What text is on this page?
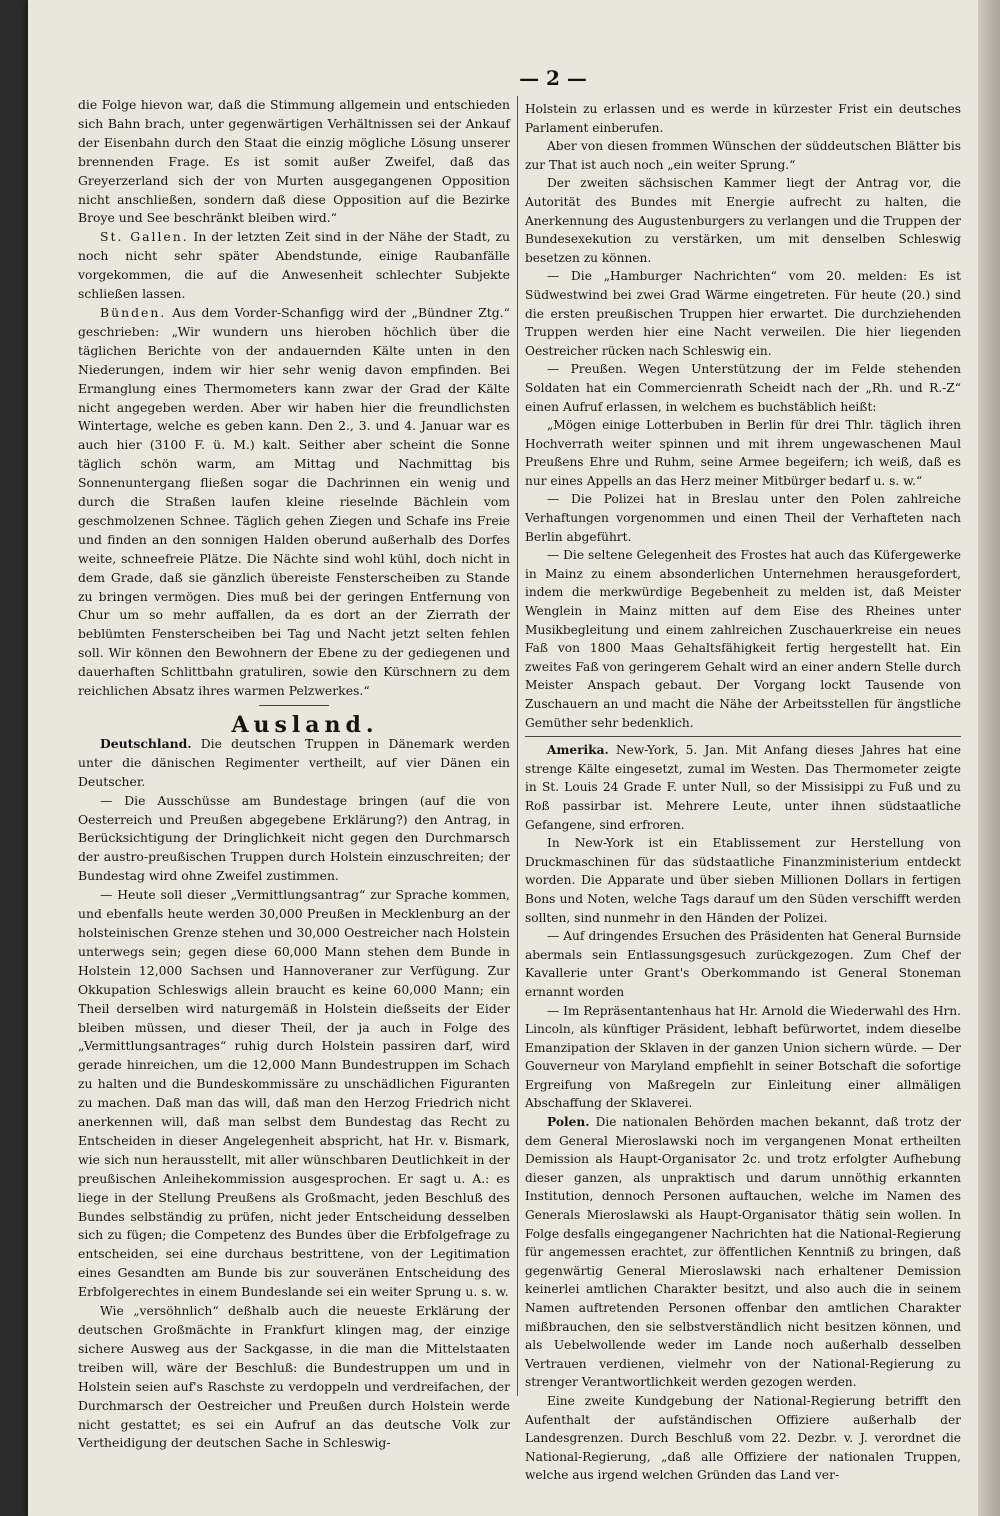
— 2 —

die Folge hievon war, daß die Stimmung allgemein und entschieden sich Bahn brach, unter gegenwärtigen Verhältnissen sei der Ankauf der Eisenbahn durch den Staat die einzig mögliche Lösung unserer brennenden Frage. Es ist somit außer Zweifel, daß das Greyerzerland sich der von Murten ausgegangenen Opposition nicht anschließen, sondern daß diese Opposition auf die Bezirke Broye und See beschränkt bleiben wird.“

St. Gallen. In der letzten Zeit sind in der Nähe der Stadt, zu noch nicht sehr später Abendstunde, einige Raubanfälle vorgekommen, die auf die Anwesenheit schlechter Subjekte schließen lassen.

Bünden. Aus dem Vorder-Schanfigg wird der „Bündner Ztg.“ geschrieben: „Wir wundern uns hieroben höchlich über die täglichen Berichte von der andauernden Kälte unten in den Niederungen, indem wir hier sehr wenig davon empfinden. Bei Ermanglung eines Thermometers kann zwar der Grad der Kälte nicht angegeben werden. Aber wir haben hier die freundlichsten Wintertage, welche es geben kann. Den 2., 3. und 4. Januar war es auch hier (3100 F. ü. M.) kalt. Seither aber scheint die Sonne täglich schön warm, am Mittag und Nachmittag bis Sonnenuntergang fließen sogar die Dachrinnen ein wenig und durch die Straßen laufen kleine rieselnde Bächlein vom geschmolzenen Schnee. Täglich gehen Ziegen und Schafe ins Freie und finden an den sonnigen Halden oberund außerhalb des Dorfes weite, schneefreie Plätze. Die Nächte sind wohl kühl, doch nicht in dem Grade, daß sie gänzlich übereiste Fensterscheiben zu Stande zu bringen vermögen. Dies muß bei der geringen Entfernung von Chur um so mehr auffallen, da es dort an der Zierrath der beblümten Fensterscheiben bei Tag und Nacht jetzt selten fehlen soll. Wir können den Bewohnern der Ebene zu der gediegenen und dauerhaften Schlittbahn gratuliren, sowie den Kürschnern zu dem reichlichen Absatz ihres warmen Pelzwerkes.“

Ausland.

Deutschland. Die deutschen Truppen in Dänemark werden unter die dänischen Regimenter vertheilt, auf vier Dänen ein Deutscher.

— Die Ausschüsse am Bundestage bringen (auf die von Oesterreich und Preußen abgegebene Erklärung?) den Antrag, in Berücksichtigung der Dringlichkeit nicht gegen den Durchmarsch der austro-preußischen Truppen durch Holstein einzuschreiten; der Bundestag wird ohne Zweifel zustimmen.

— Heute soll dieser „Vermittlungsantrag“ zur Sprache kommen, und ebenfalls heute werden 30,000 Preußen in Mecklenburg an der holsteinischen Grenze stehen und 30,000 Oestreicher nach Holstein unterwegs sein; gegen diese 60,000 Mann stehen dem Bunde in Holstein 12,000 Sachsen und Hannoveraner zur Verfügung. Zur Okkupation Schleswigs allein braucht es keine 60,000 Mann; ein Theil derselben wird naturgemäß in Holstein dießseits der Eider bleiben müssen, und dieser Theil, der ja auch in Folge des „Vermittlungsantrages“ ruhig durch Holstein passiren darf, wird gerade hinreichen, um die 12,000 Mann Bundestruppen im Schach zu halten und die Bundeskommissäre zu unschädlichen Figuranten zu machen. Daß man das will, daß man den Herzog Friedrich nicht anerkennen will, daß man selbst dem Bundestag das Recht zu Entscheiden in dieser Angelegenheit abspricht, hat Hr. v. Bismark, wie sich nun herausstellt, mit aller wünschbaren Deutlichkeit in der preußischen Anleihekommission ausgesprochen. Er sagt u. A.: es liege in der Stellung Preußens als Großmacht, jeden Beschluß des Bundes selbständig zu prüfen, nicht jeder Entscheidung desselben sich zu fügen; die Competenz des Bundes über die Erbfolgefrage zu entscheiden, sei eine durchaus bestrittene, von der Legitimation eines Gesandten am Bunde bis zur souveränen Entscheidung des Erbfolgerechtes in einem Bundeslande sei ein weiter Sprung u. s. w.

Wie „versöhnlich“ deßhalb auch die neueste Erklärung der deutschen Großmächte in Frankfurt klingen mag, der einzige sichere Ausweg aus der Sackgasse, in die man die Mittelstaaten treiben will, wäre der Beschluß: die Bundestruppen um und in Holstein seien auf's Raschste zu verdoppeln und verdreifachen, der Durchmarsch der Oestreicher und Preußen durch Holstein werde nicht gestattet; es sei ein Aufruf an das deutsche Volk zur Vertheidigung der deutschen Sache in Schleswig-

Holstein zu erlassen und es werde in kürzester Frist ein deutsches Parlament einberufen.

Aber von diesen frommen Wünschen der süddeutschen Blätter bis zur That ist auch noch „ein weiter Sprung.“

Der zweiten sächsischen Kammer liegt der Antrag vor, die Autorität des Bundes mit Energie aufrecht zu halten, die Anerkennung des Augustenburgers zu verlangen und die Truppen der Bundesexekution zu verstärken, um mit denselben Schleswig besetzen zu können.

— Die „Hamburger Nachrichten“ vom 20. melden: Es ist Südwestwind bei zwei Grad Wärme eingetreten. Für heute (20.) sind die ersten preußischen Truppen hier erwartet. Die durchziehenden Truppen werden hier eine Nacht verweilen. Die hier liegenden Oestreicher rücken nach Schleswig ein.

— Preußen. Wegen Unterstützung der im Felde stehenden Soldaten hat ein Commercienrath Scheidt nach der „Rh. und R.-Z“ einen Aufruf erlassen, in welchem es buchstäblich heißt:

„Mögen einige Lotterbuben in Berlin für drei Thlr. täglich ihren Hochverrath weiter spinnen und mit ihrem ungewaschenen Maul Preußens Ehre und Ruhm, seine Armee begeifern; ich weiß, daß es nur eines Appells an das Herz meiner Mitbürger bedarf u. s. w.“

— Die Polizei hat in Breslau unter den Polen zahlreiche Verhaftungen vorgenommen und einen Theil der Verhafteten nach Berlin abgeführt.

— Die seltene Gelegenheit des Frostes hat auch das Küfergewerke in Mainz zu einem absonderlichen Unternehmen herausgefordert, indem die merkwürdige Begebenheit zu melden ist, daß Meister Wenglein in Mainz mitten auf dem Eise des Rheines unter Musikbegleitung und einem zahlreichen Zuschauerkreise ein neues Faß von 1800 Maas Gehaltsfähigkeit fertig hergestellt hat. Ein zweites Faß von geringerem Gehalt wird an einer andern Stelle durch Meister Anspach gebaut. Der Vorgang lockt Tausende von Zuschauern an und macht die Nähe der Arbeitsstellen für ängstliche Gemüther sehr bedenklich.

Amerika. New-York, 5. Jan. Mit Anfang dieses Jahres hat eine strenge Kälte eingesetzt, zumal im Westen. Das Thermometer zeigte in St. Louis 24 Grade F. unter Null, so der Missisippi zu Fuß und zu Roß passirbar ist. Mehrere Leute, unter ihnen südstaatliche Gefangene, sind erfroren.

In New-York ist ein Etablissement zur Herstellung von Druckmaschinen für das südstaatliche Finanzministerium entdeckt worden. Die Apparate und über sieben Millionen Dollars in fertigen Bons und Noten, welche Tags darauf um den Süden verschifft werden sollten, sind nunmehr in den Händen der Polizei.

— Auf dringendes Ersuchen des Präsidenten hat General Burnside abermals sein Entlassungsgesuch zurückgezogen. Zum Chef der Kavallerie unter Grant's Oberkommando ist General Stoneman ernannt worden

— Im Repräsentantenhaus hat Hr. Arnold die Wiederwahl des Hrn. Lincoln, als künftiger Präsident, lebhaft befürwortet, indem dieselbe Emanzipation der Sklaven in der ganzen Union sichern würde. — Der Gouverneur von Maryland empfiehlt in seiner Botschaft die sofortige Ergreifung von Maßregeln zur Einleitung einer allmäligen Abschaffung der Sklaverei.

Polen. Die nationalen Behörden machen bekannt, daß trotz der dem General Mieroslawski noch im vergangenen Monat ertheilten Demission als Haupt-Organisator 2c. und trotz erfolgter Aufhebung dieser ganzen, als unpraktisch und darum unnöthig erkannten Institution, dennoch Personen auftauchen, welche im Namen des Generals Mieroslawski als Haupt-Organisator thätig sein wollen. In Folge desfalls eingegangener Nachrichten hat die National-Regierung für angemessen erachtet, zur öffentlichen Kenntniß zu bringen, daß gegenwärtig General Mieroslawski nach erhaltener Demission keinerlei amtlichen Charakter besitzt, und also auch die in seinem Namen auftretenden Personen offenbar den amtlichen Charakter mißbrauchen, den sie selbstverständlich nicht besitzen können, und als Uebelwollende weder im Lande noch außerhalb desselben Vertrauen verdienen, vielmehr von der National-Regierung zu strenger Verantwortlichkeit werden gezogen werden.

Eine zweite Kundgebung der National-Regierung betrifft den Aufenthalt der aufständischen Offiziere außerhalb der Landesgrenzen. Durch Beschluß vom 22. Dezbr. v. J. verordnet die National-Regierung, „daß alle Offiziere der nationalen Truppen, welche aus irgend welchen Gründen das Land ver-
